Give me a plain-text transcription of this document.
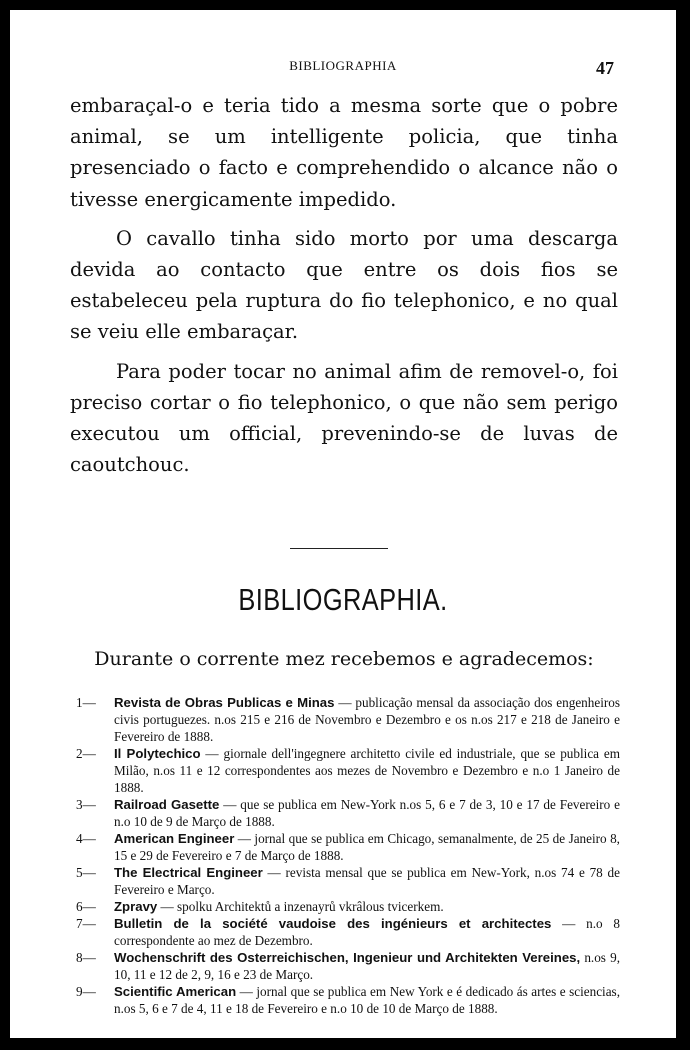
BIBLIOGRAPHIA	47

embaraçal-o e teria tido a mesma sorte que o pobre animal, se um intelligente policia, que tinha presenciado o facto e comprehendido o alcance não o tivesse energicamente impedido.

O cavallo tinha sido morto por uma descarga devida ao contacto que entre os dois fios se estabeleceu pela ruptura do fio telephonico, e no qual se veiu elle embaraçar.

Para poder tocar no animal afim de removel-o, foi preciso cortar o fio telephonico, o que não sem perigo executou um official, prevenindo-se de luvas de caoutchouc.

BIBLIOGRAPHIA.
Durante o corrente mez recebemos e agradecemos:
1— Revista de Obras Publicas e Minas — publicação mensal da associação dos engenheiros civis portuguezes. n.os 215 e 216 de Novembro e Dezembro e os n.os 217 e 218 de Janeiro e Fevereiro de 1888.
2— Il Polytechico — giornale dell'ingegnere architetto civile ed industriale, que se publica em Milão, n.os 11 e 12 correspondentes aos mezes de Novembro e Dezembro e n.o 1 Janeiro de 1888.
3— Railroad Gasette — que se publica em New-York n.os 5, 6 e 7 de 3, 10 e 17 de Fevereiro e n.o 10 de 9 de Março de 1888.
4— American Engineer — jornal que se publica em Chicago, semanalmente, de 25 de Janeiro 8, 15 e 29 de Fevereiro e 7 de Março de 1888.
5— The Electrical Engineer — revista mensal que se publica em New-York, n.os 74 e 78 de Fevereiro e Março.
6— Zpravy — spolku Architektů a inzenayrů vkrâlous tvicerkem.
7— Bulletin de la société vaudoise des ingénieurs et architectes — n.o 8 correspondente ao mez de Dezembro.
8— Wochenschrift des Osterreichischen, Ingenieur und Architekten Vereines, n.os 9, 10, 11 e 12 de 2, 9, 16 e 23 de Março.
9— Scientific American — jornal que se publica em New York e é dedicado ás artes e sciencias, n.os 5, 6 e 7 de 4, 11 e 18 de Fevereiro e n.o 10 de 10 de Março de 1888.
